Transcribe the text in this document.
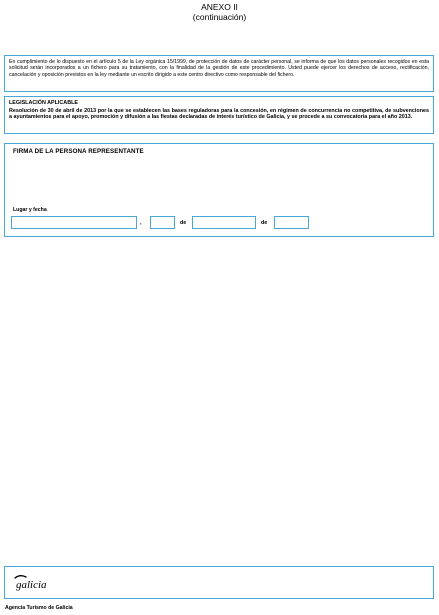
ANEXO II
(continuación)

En cumplimiento de lo dispuesto en el artículo 5 de la Ley orgánica 15/1999, de protección de datos de carácter personal, se informa de que los datos personales recogidos en esta solicitud serán incorporados a un fichero para su tratamiento, con la finalidad de la gestión de este procedimiento. Usted puede ejercer los derechos de acceso, rectificación, cancelación y oposición previstos en la ley mediante un escrito dirigido a este centro directivo como responsable del fichero.

LEGISLACIÓN APLICABLE

Resolución de 30 de abril de 2013 por la que se establecen las bases reguladoras para la concesión, en régimen de concurrencia no competitiva, de subvenciones a ayuntamientos para el apoyo, promoción y difusión a las fiestas declaradas de interés turístico de Galicia, y se procede a su convocatoria para el año 2013.

FIRMA DE LA PERSONA REPRESENTANTE
Lugar y fecha
,	de	de
galicia
Agencia Turismo de Galicia
